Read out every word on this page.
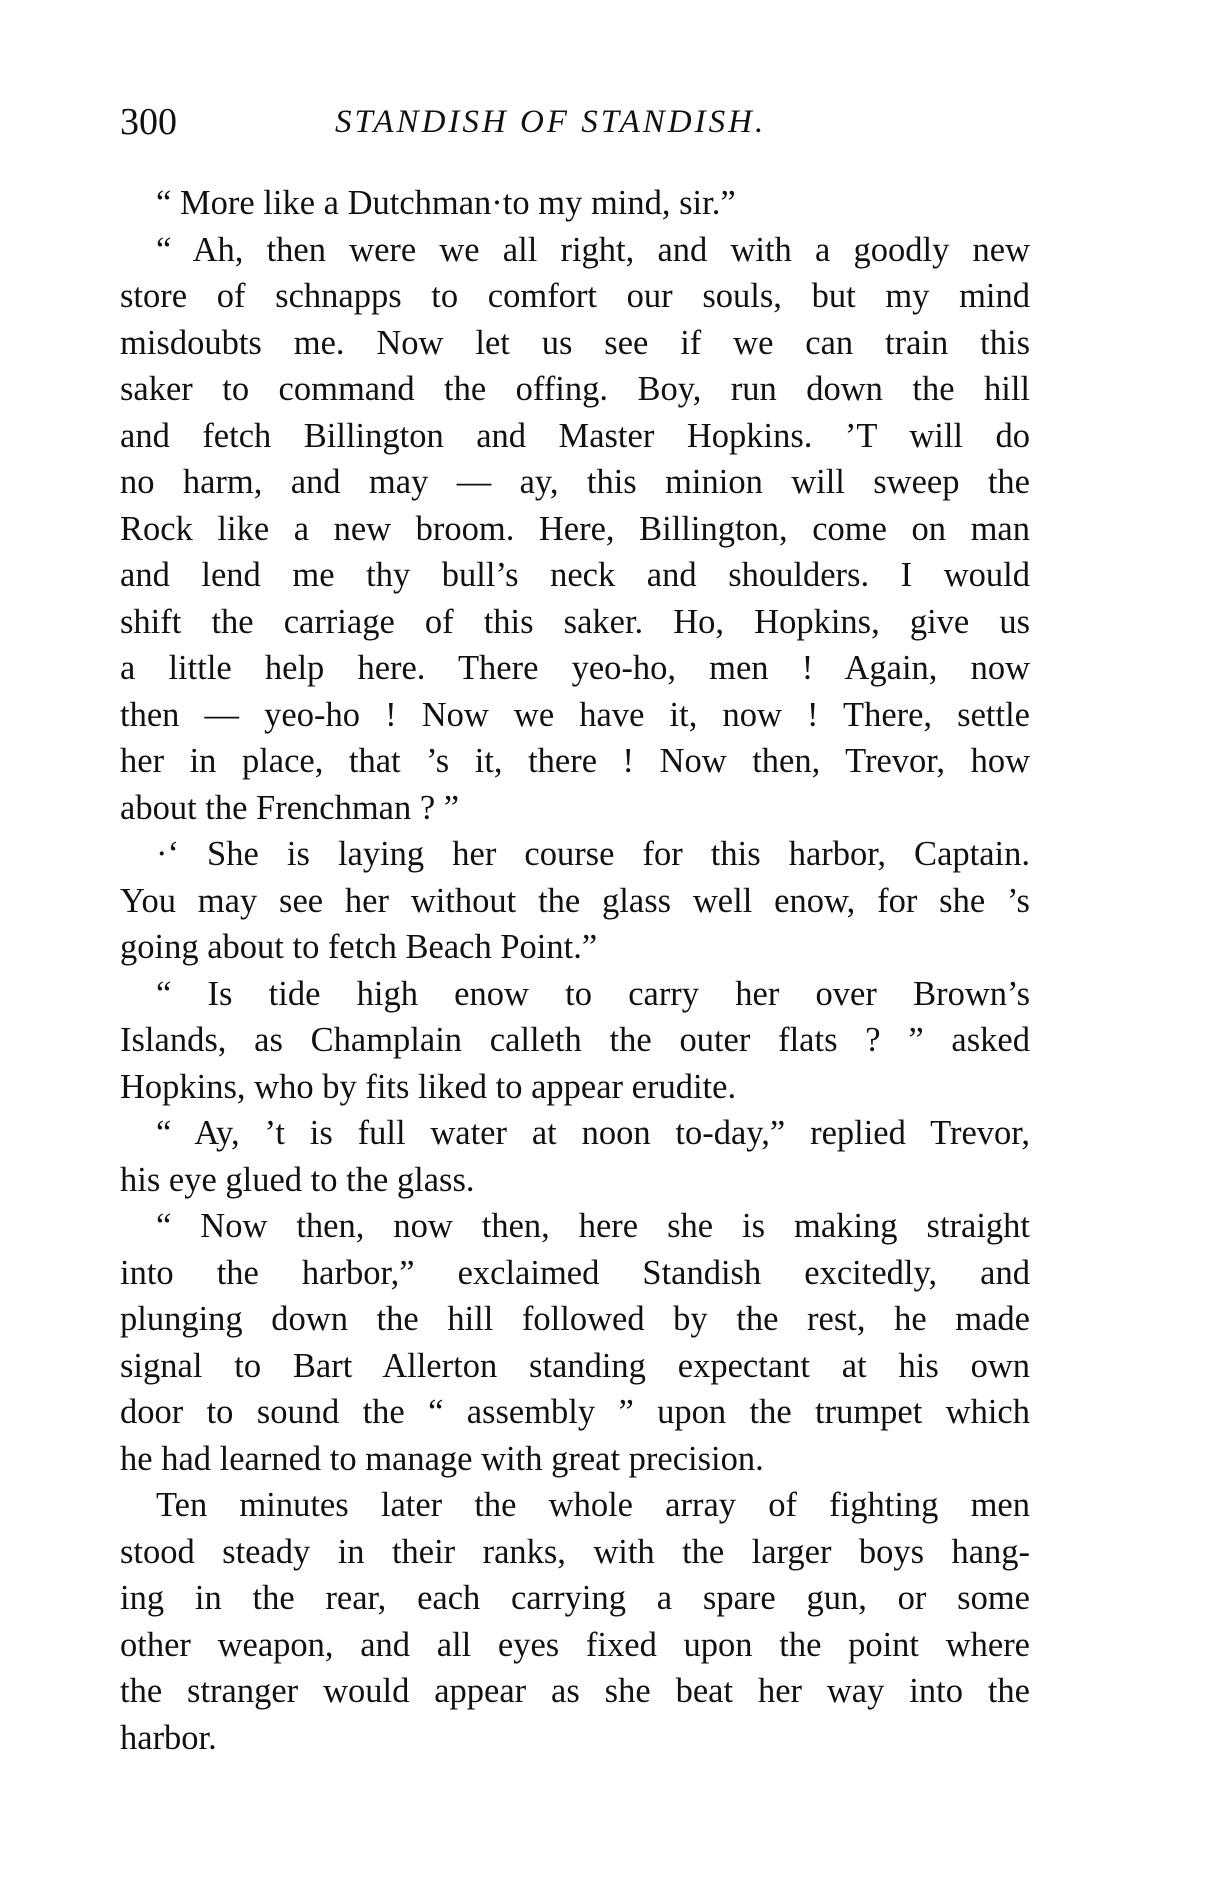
300	STANDISH OF STANDISH.
“ More like a Dutchman·to my mind, sir.”
“ Ah, then were we all right, and with a goodly new
store of schnapps to comfort our souls, but my mind
misdoubts me. Now let us see if we can train this
saker to command the offing. Boy, run down the hill
and fetch Billington and Master Hopkins. ’T will do
no harm, and may — ay, this minion will sweep the
Rock like a new broom. Here, Billington, come on man
and lend me thy bull’s neck and shoulders. I would
shift the carriage of this saker. Ho, Hopkins, give us
a little help here. There yeo-ho, men ! Again, now
then — yeo-ho ! Now we have it, now ! There, settle
her in place, that ’s it, there ! Now then, Trevor, how
about the Frenchman ? ”
·‘ She is laying her course for this harbor, Captain.
You may see her without the glass well enow, for she ’s
going about to fetch Beach Point.”
“ Is tide high enow to carry her over Brown’s
Islands, as Champlain calleth the outer flats ? ” asked
Hopkins, who by fits liked to appear erudite.
“ Ay, ’t is full water at noon to-day,” replied Trevor,
his eye glued to the glass.
“ Now then, now then, here she is making straight
into the harbor,” exclaimed Standish excitedly, and
plunging down the hill followed by the rest, he made
signal to Bart Allerton standing expectant at his own
door to sound the “ assembly ” upon the trumpet which
he had learned to manage with great precision.
Ten minutes later the whole array of fighting men
stood steady in their ranks, with the larger boys hang-
ing in the rear, each carrying a spare gun, or some
other weapon, and all eyes fixed upon the point where
the stranger would appear as she beat her way into the
harbor.
